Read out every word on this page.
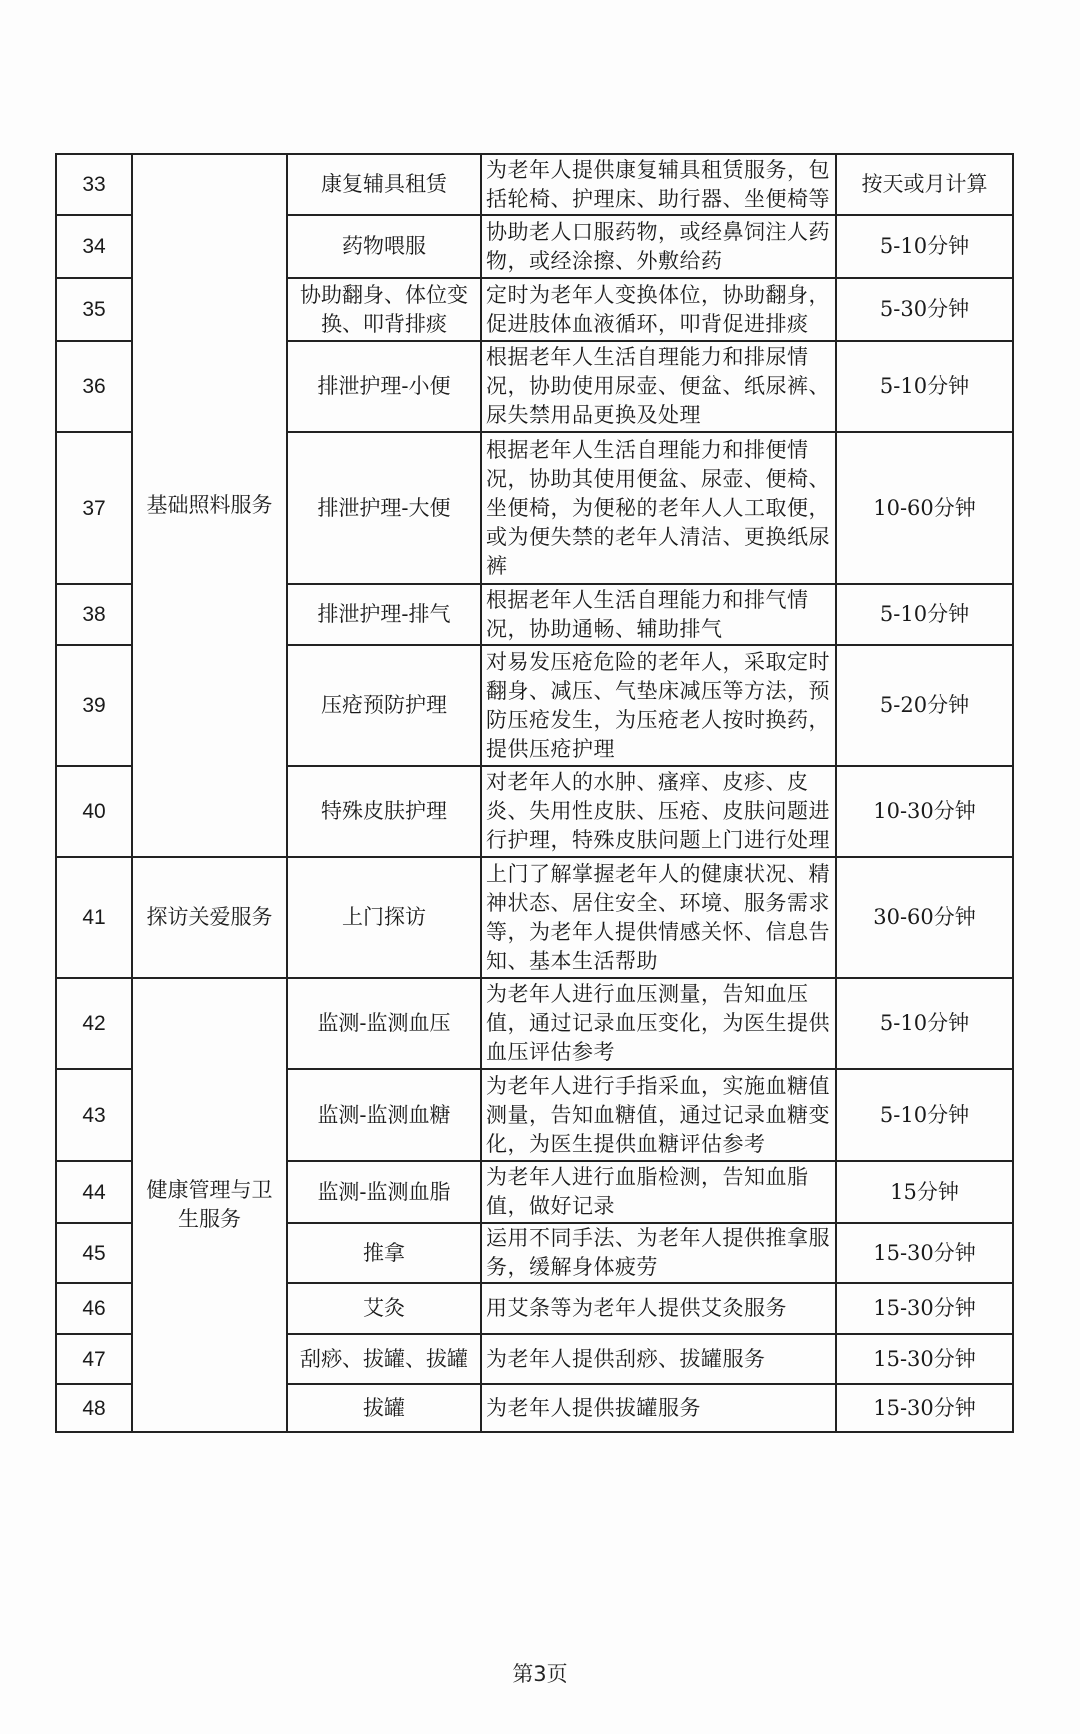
33	基础照料服务	康复辅具租赁	为老年人提供康复辅具租赁服务，包括轮椅、护理床、助行器、坐便椅等	按天或月计算
34		药物喂服	协助老人口服药物，或经鼻饲注人药物，或经涂擦、外敷给药	5-10分钟
35		协助翻身、体位变换、叩背排痰	定时为老年人变换体位，协助翻身，促进肢体血液循环，叩背促进排痰	5-30分钟
36		排泄护理-小便	根据老年人生活自理能力和排尿情况，协助使用尿壶、便盆、纸尿裤、尿失禁用品更换及处理	5-10分钟
37		排泄护理-大便	根据老年人生活自理能力和排便情况，协助其使用便盆、尿壶、便椅、坐便椅，为便秘的老年人人工取便，或为便失禁的老年人清洁、更换纸尿裤	10-60分钟
38		排泄护理-排气	根据老年人生活自理能力和排气情况，协助通畅、辅助排气	5-10分钟
39		压疮预防护理	对易发压疮危险的老年人，采取定时翻身、减压、气垫床减压等方法，预防压疮发生，为压疮老人按时换药，提供压疮护理	5-20分钟
40		特殊皮肤护理	对老年人的水肿、瘙痒、皮疹、皮炎、失用性皮肤、压疮、皮肤问题进行护理，特殊皮肤问题上门进行处理	10-30分钟
41	探访关爱服务	上门探访	上门了解掌握老年人的健康状况、精神状态、居住安全、环境、服务需求等，为老年人提供情感关怀、信息告知、基本生活帮助	30-60分钟
42	健康管理与卫生服务	监测-监测血压	为老年人进行血压测量，告知血压值，通过记录血压变化，为医生提供血压评估参考	5-10分钟
43		监测-监测血糖	为老年人进行手指采血，实施血糖值测量，告知血糖值，通过记录血糖变化，为医生提供血糖评估参考	5-10分钟
44		监测-监测血脂	为老年人进行血脂检测，告知血脂值，做好记录	15分钟
45		推拿	运用不同手法、为老年人提供推拿服务，缓解身体疲劳	15-30分钟
46		艾灸	用艾条等为老年人提供艾灸服务	15-30分钟
47		刮痧、拔罐、拔罐	为老年人提供刮痧、拔罐服务	15-30分钟
48		拔罐	为老年人提供拔罐服务	15-30分钟
第3页
